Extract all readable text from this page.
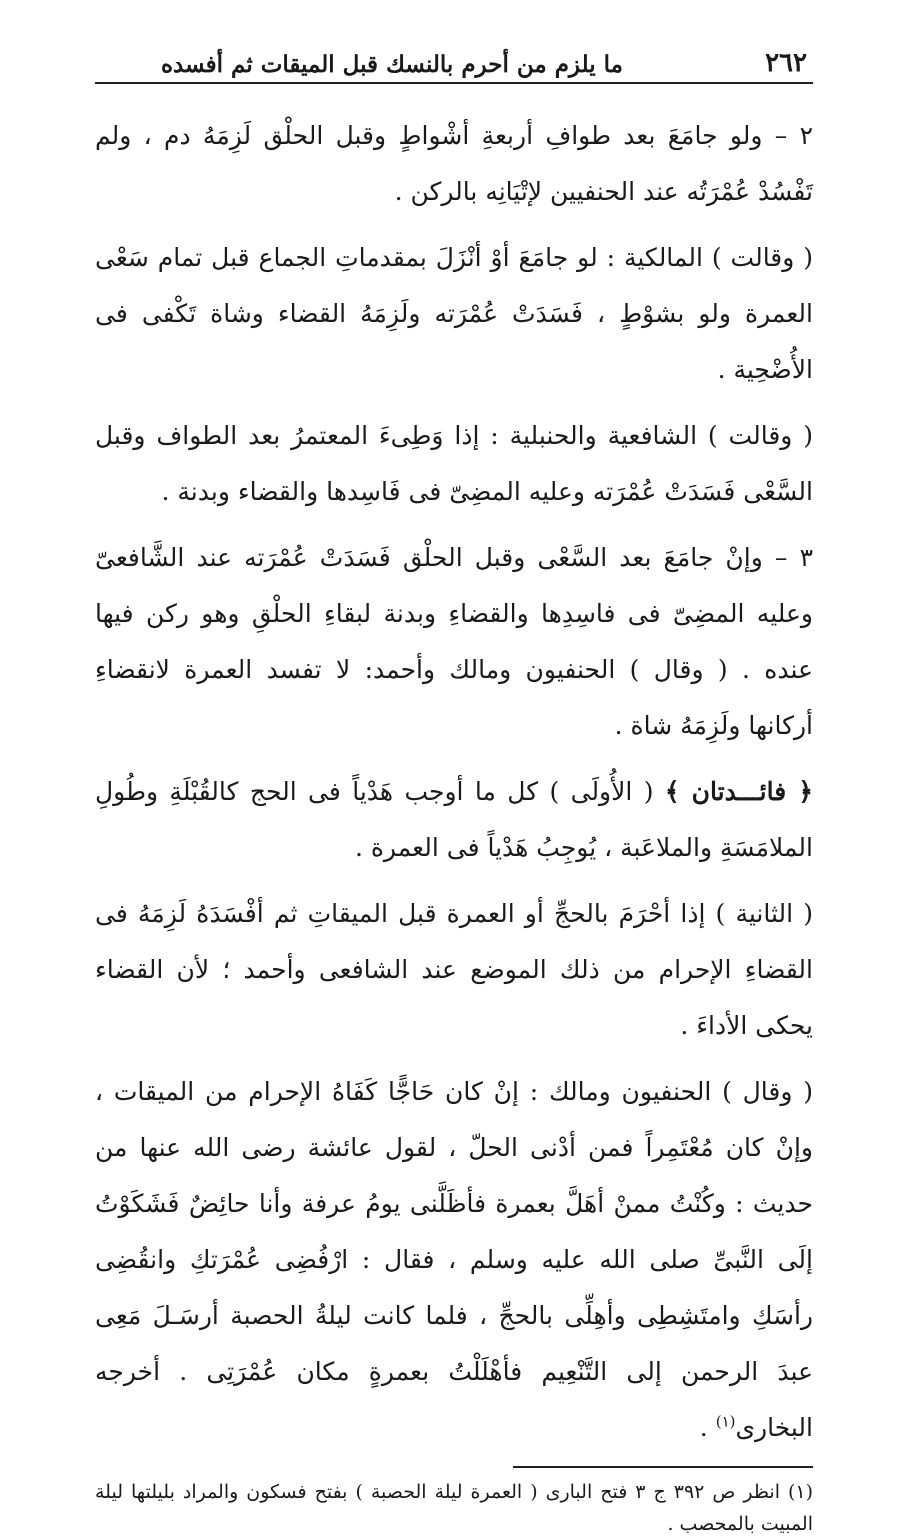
٢٦٢
ما يلزم من أحرم بالنسك قبل الميقات ثم أفسده

٢ – ولو جامَعَ بعد طوافِ أربعةِ أشْواطٍ وقبل الحلْق لَزِمَهُ دم ، ولم تَفْسُدْ عُمْرَتُه عند الحنفيين لإتْيَانِه بالركن .

( وقالت ) المالكية : لو جامَعَ أوْ أنْزَلَ بمقدماتِ الجماع قبل تمام سَعْى العمرة ولو بشوْطٍ ، فَسَدَتْ عُمْرَته ولَزِمَهُ القضاء وشاة تَكْفى فى الأُضْحِية .

( وقالت ) الشافعية والحنبلية : إذا وَطِىءَ المعتمرُ بعد الطواف وقبل السَّعْى فَسَدَتْ عُمْرَته وعليه المضِىّ فى فَاسِدها والقضاء وبدنة .

٣ – وإنْ جامَعَ بعد السَّعْى وقبل الحلْق فَسَدَتْ عُمْرَته عند الشَّافعىّ وعليه المضِىّ فى فاسِدِها والقضاءِ وبدنة لبقاءِ الحلْقِ وهو ركن فيها عنده . ( وقال ) الحنفيون ومالك وأحمد: لا تفسد العمرة لانقضاءِ أركانها ولَزِمَهُ شاة .

﴿ فائـــدتان ﴾ ( الأُولَى ) كل ما أوجب هَدْياً فى الحج كالقُبْلَةِ وطُولِ الملامَسَةِ والملاعَبة ، يُوجِبُ هَدْياً فى العمرة .

( الثانية ) إذا أحْرَمَ بالحجِّ أو العمرة قبل الميقاتِ ثم أفْسَدَهُ لَزِمَهُ فى القضاءِ الإحرام من ذلك الموضع عند الشافعى وأحمد ؛ لأن القضاء يحكى الأداءَ .

( وقال ) الحنفيون ومالك : إنْ كان حَاجًّا كَفَاهُ الإحرام من الميقات ، وإنْ كان مُعْتَمِراً فمن أدْنى الحلّ ، لقول عائشة رضى الله عنها من حديث : وكُنْتُ ممنْ أهَلَّ بعمرة فأظَلَّنى يومُ عرفة وأنا حائِضٌ فَشَكَوْتُ إلَى النَّبىِّ صلى الله عليه وسلم ، فقال : ارْفُضِى عُمْرَتكِ وانقُضِى رأسَكِ وامتَشِطِى وأهِلِّى بالحجِّ ، فلما كانت ليلةُ الحصبة أرسَـلَ مَعِى عبدَ الرحمن إلى التَّنْعِيم فأهْلَلْتُ بعمرةٍ مكان عُمْرَتِى . أخرجه البخارى$^{(١)}$ .

(١) انظر ص ٣٩٢ ج ٣ فتح البارى ( العمرة ليلة الحصبة ) بفتح فسكون والمراد بليلتها ليلة المبيت بالمحصب .
